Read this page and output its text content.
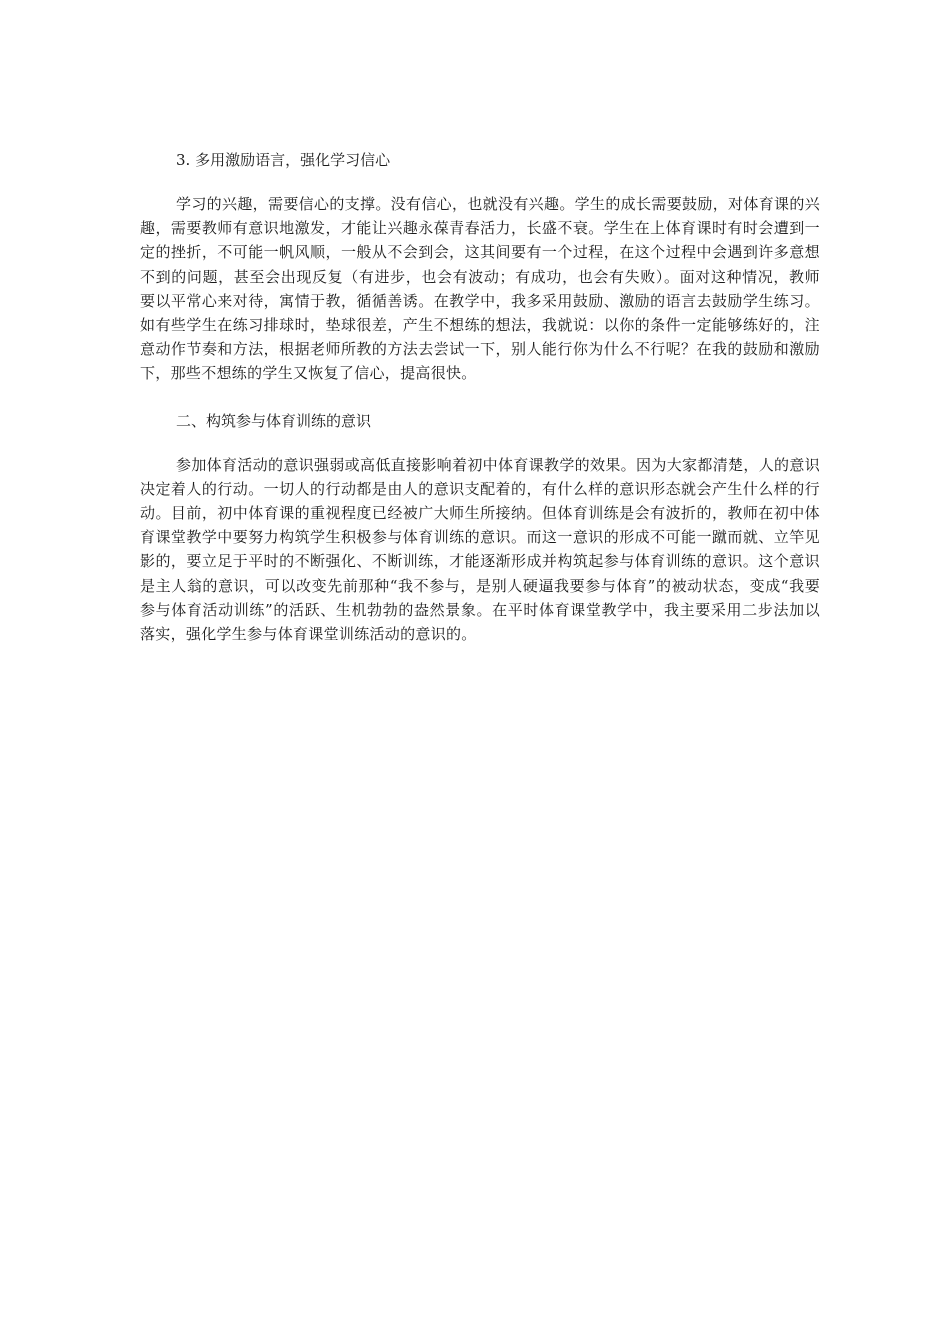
3. 多用激励语言，强化学习信心

学习的兴趣，需要信心的支撑。没有信心，也就没有兴趣。学生的成长需要鼓励，对体育课的兴趣，需要教师有意识地激发，才能让兴趣永葆青春活力，长盛不衰。学生在上体育课时有时会遭到一定的挫折，不可能一帆风顺，一般从不会到会，这其间要有一个过程，在这个过程中会遇到许多意想不到的问题，甚至会出现反复（有进步，也会有波动；有成功，也会有失败）。面对这种情况，教师要以平常心来对待，寓情于教，循循善诱。在教学中，我多采用鼓励、激励的语言去鼓励学生练习。如有些学生在练习排球时，垫球很差，产生不想练的想法，我就说：以你的条件一定能够练好的，注意动作节奏和方法，根据老师所教的方法去尝试一下，别人能行你为什么不行呢？在我的鼓励和激励下，那些不想练的学生又恢复了信心，提高很快。

二、构筑参与体育训练的意识

参加体育活动的意识强弱或高低直接影响着初中体育课教学的效果。因为大家都清楚，人的意识决定着人的行动。一切人的行动都是由人的意识支配着的，有什么样的意识形态就会产生什么样的行动。目前，初中体育课的重视程度已经被广大师生所接纳。但体育训练是会有波折的，教师在初中体育课堂教学中要努力构筑学生积极参与体育训练的意识。而这一意识的形成不可能一蹴而就、立竿见影的，要立足于平时的不断强化、不断训练，才能逐渐形成并构筑起参与体育训练的意识。这个意识是主人翁的意识，可以改变先前那种“我不参与，是别人硬逼我要参与体育”的被动状态，变成“我要参与体育活动训练”的活跃、生机勃勃的盎然景象。在平时体育课堂教学中，我主要采用二步法加以落实，强化学生参与体育课堂训练活动的意识的。
